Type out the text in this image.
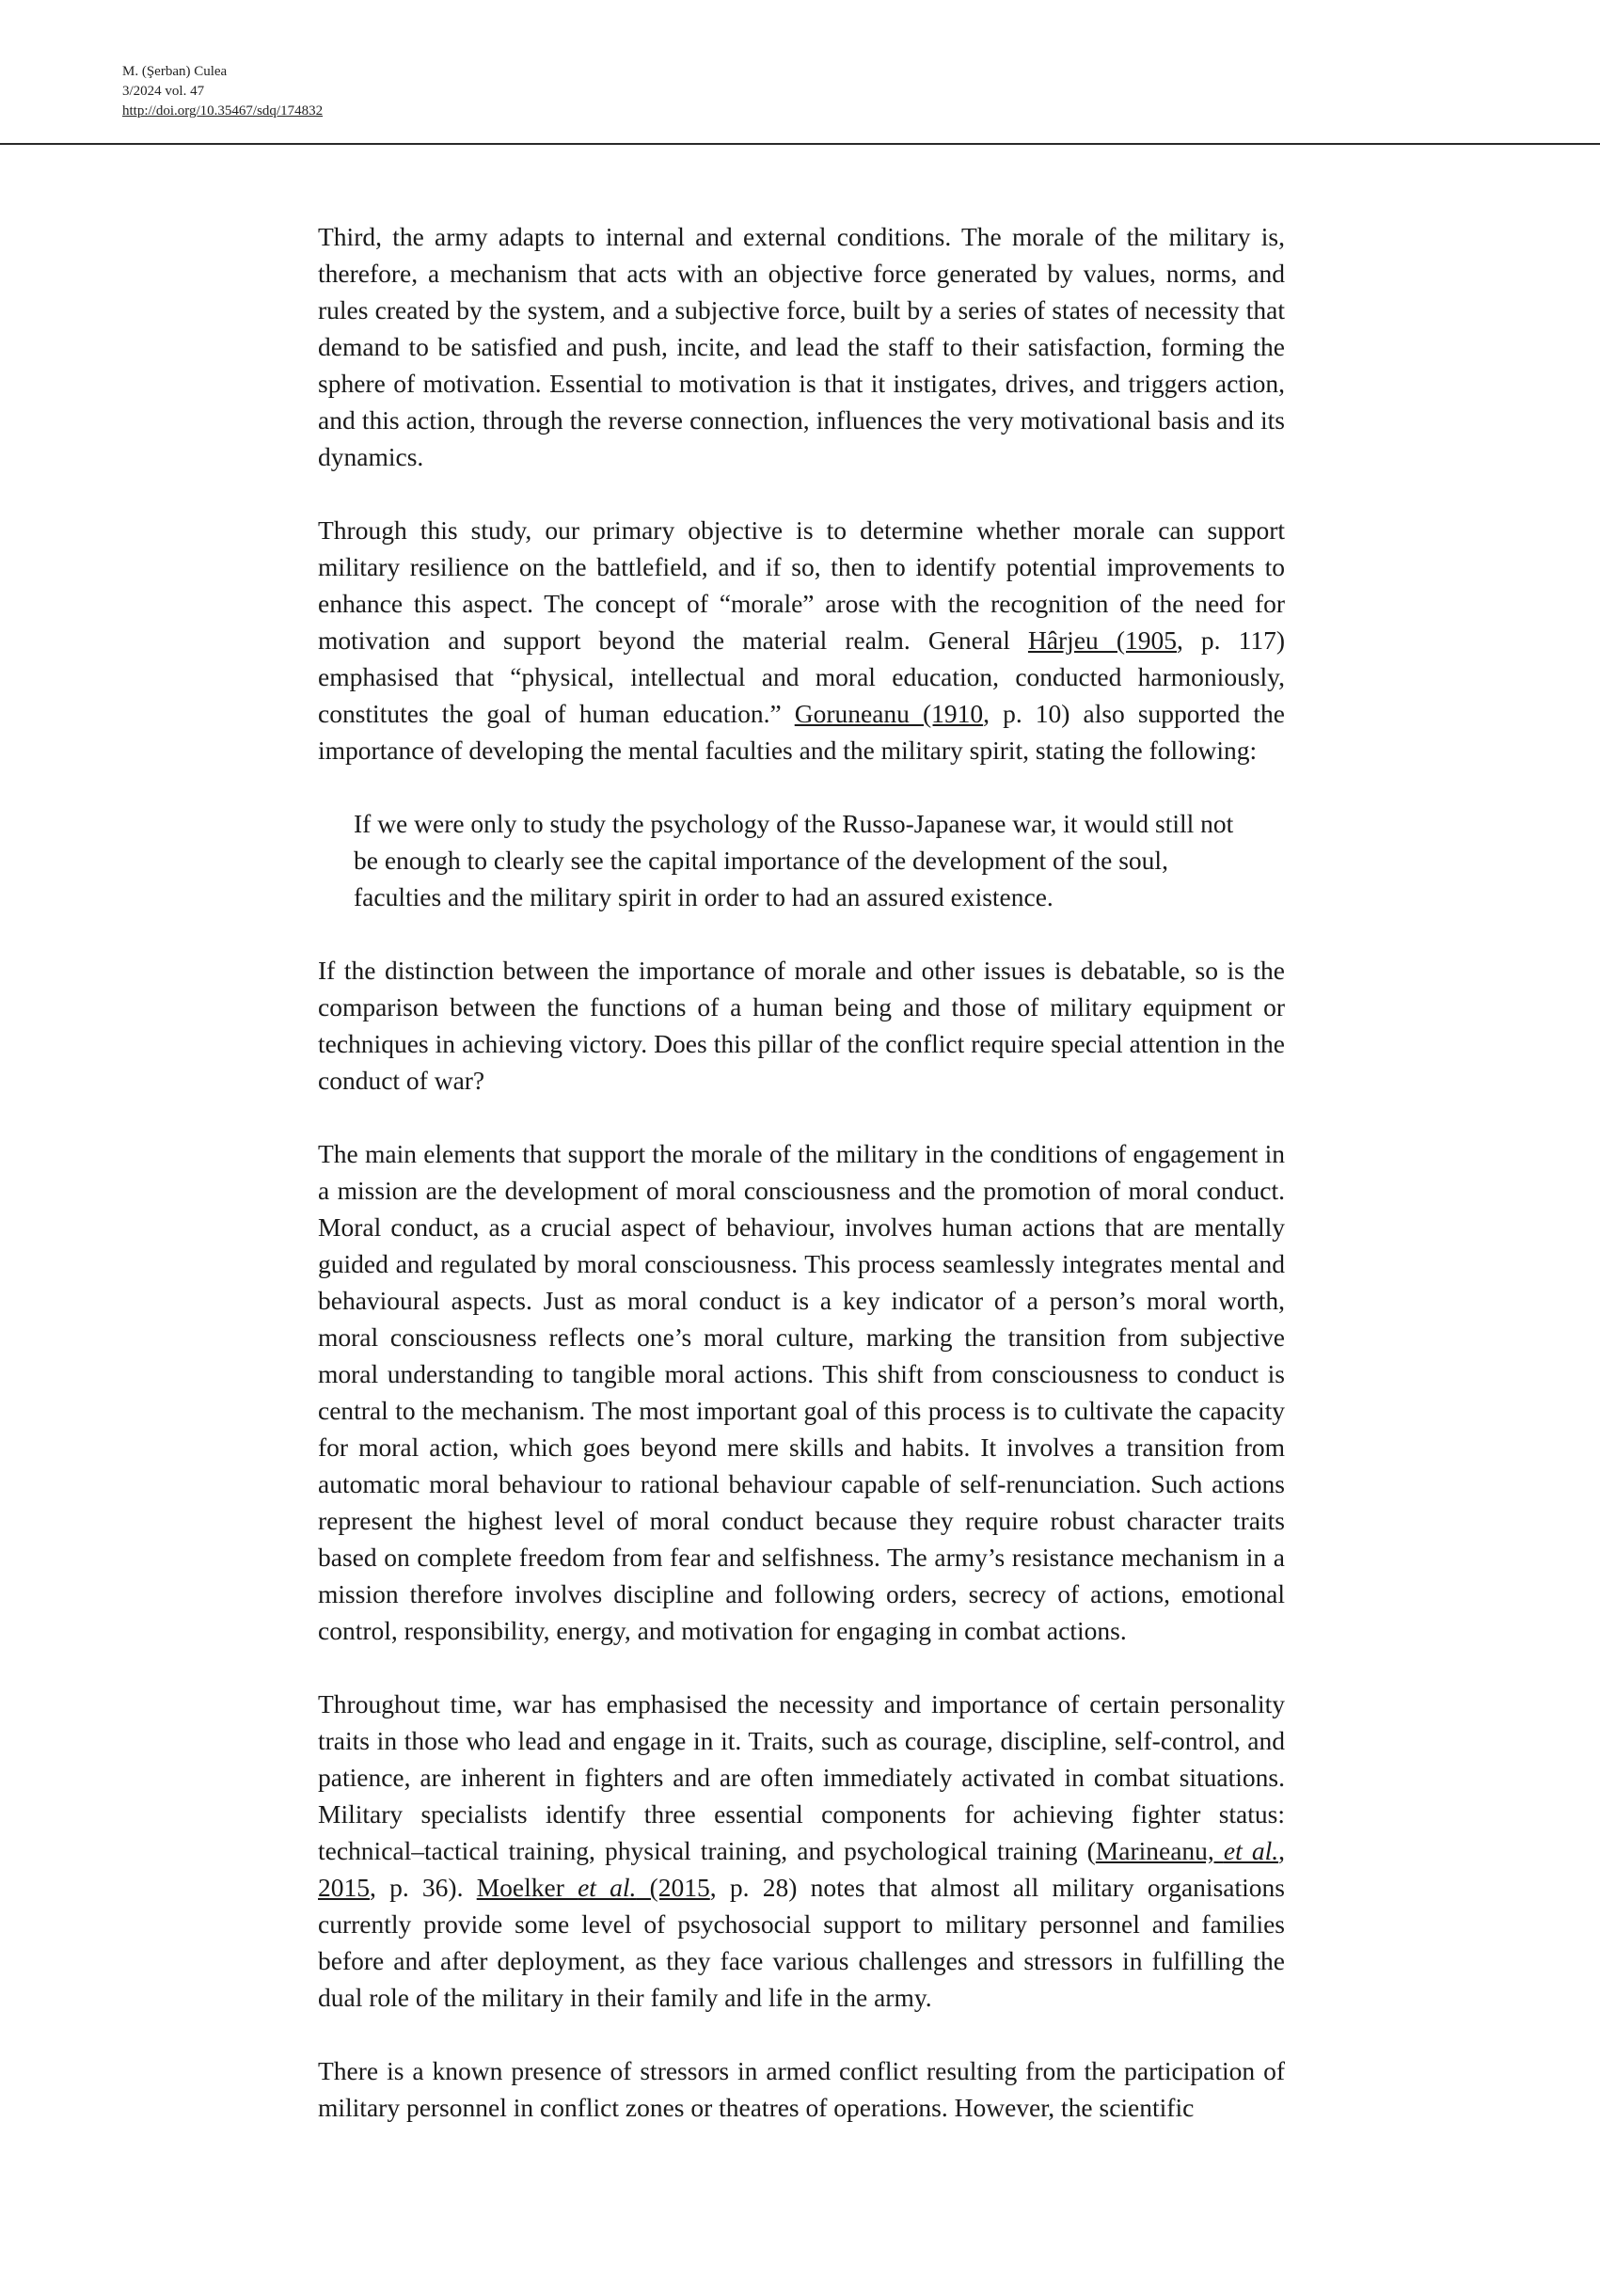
M. (Şerban) Culea
3/2024 vol. 47
http://doi.org/10.35467/sdq/174832

Third, the army adapts to internal and external conditions. The morale of the military is, therefore, a mechanism that acts with an objective force generated by values, norms, and rules created by the system, and a subjective force, built by a series of states of necessity that demand to be satisfied and push, incite, and lead the staff to their satisfaction, forming the sphere of motivation. Essential to motivation is that it instigates, drives, and triggers action, and this action, through the reverse connection, influences the very motivational basis and its dynamics.

Through this study, our primary objective is to determine whether morale can support military resilience on the battlefield, and if so, then to identify potential improvements to enhance this aspect. The concept of “morale” arose with the recognition of the need for motivation and support beyond the material realm. General Hârjeu (1905, p. 117) emphasised that “physical, intellectual and moral education, conducted harmoniously, constitutes the goal of human education.” Goruneanu (1910, p. 10) also supported the importance of developing the mental faculties and the military spirit, stating the following:

If we were only to study the psychology of the Russo-Japanese war, it would still not be enough to clearly see the capital importance of the development of the soul, faculties and the military spirit in order to had an assured existence.

If the distinction between the importance of morale and other issues is debatable, so is the comparison between the functions of a human being and those of military equipment or techniques in achieving victory. Does this pillar of the conflict require special attention in the conduct of war?

The main elements that support the morale of the military in the conditions of engagement in a mission are the development of moral consciousness and the promotion of moral conduct. Moral conduct, as a crucial aspect of behaviour, involves human actions that are mentally guided and regulated by moral consciousness. This process seamlessly integrates mental and behavioural aspects. Just as moral conduct is a key indicator of a person’s moral worth, moral consciousness reflects one’s moral culture, marking the transition from subjective moral understanding to tangible moral actions. This shift from consciousness to conduct is central to the mechanism. The most important goal of this process is to cultivate the capacity for moral action, which goes beyond mere skills and habits. It involves a transition from automatic moral behaviour to rational behaviour capable of self-renunciation. Such actions represent the highest level of moral conduct because they require robust character traits based on complete freedom from fear and selfishness. The army’s resistance mechanism in a mission therefore involves discipline and following orders, secrecy of actions, emotional control, responsibility, energy, and motivation for engaging in combat actions.

Throughout time, war has emphasised the necessity and importance of certain personality traits in those who lead and engage in it. Traits, such as courage, discipline, self-control, and patience, are inherent in fighters and are often immediately activated in combat situations. Military specialists identify three essential components for achieving fighter status: technical–tactical training, physical training, and psychological training (Marineanu, et al., 2015, p. 36). Moelker et al. (2015, p. 28) notes that almost all military organisations currently provide some level of psychosocial support to military personnel and families before and after deployment, as they face various challenges and stressors in fulfilling the dual role of the military in their family and life in the army.

There is a known presence of stressors in armed conflict resulting from the participation of military personnel in conflict zones or theatres of operations. However, the scientific
